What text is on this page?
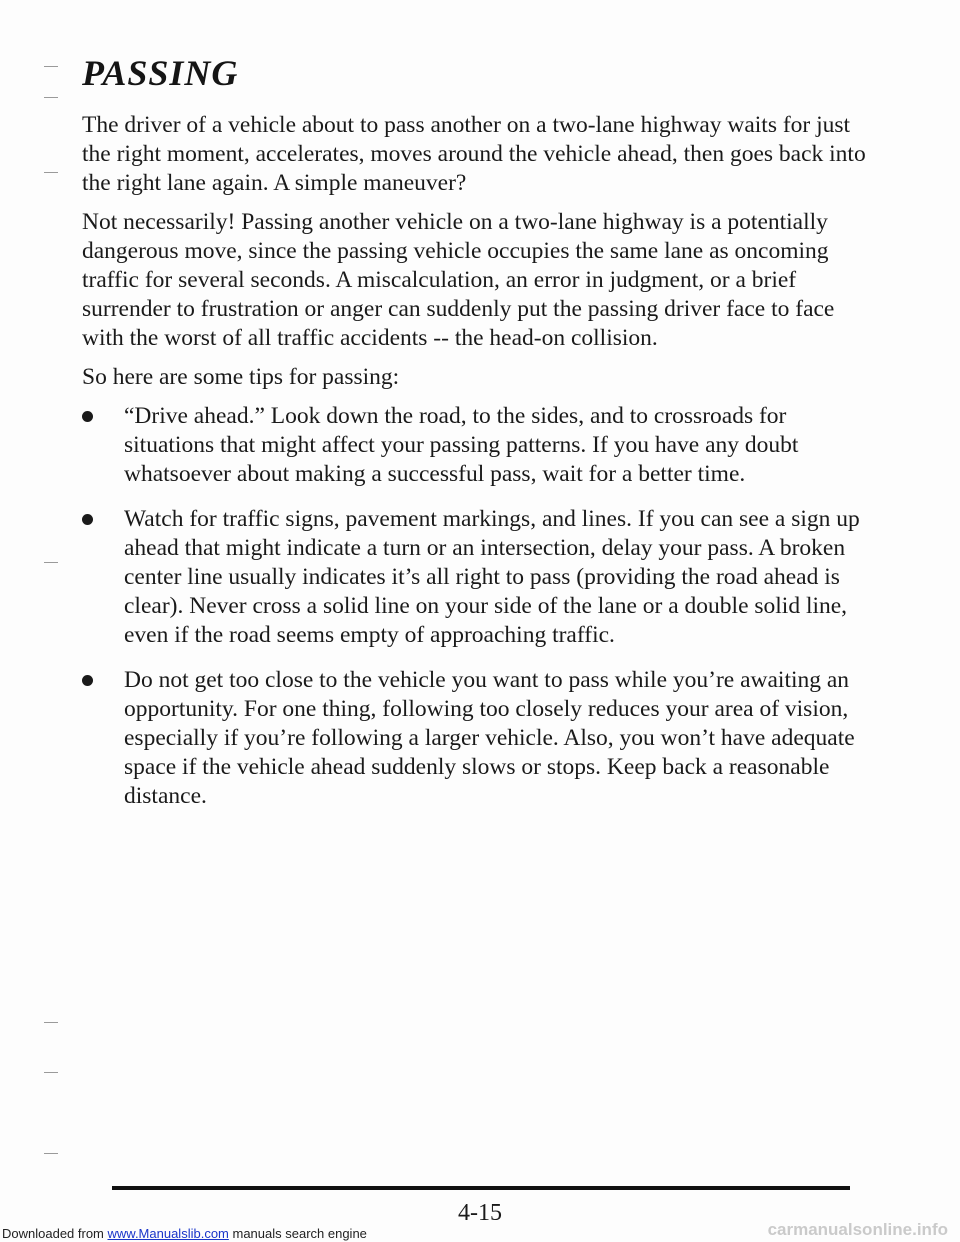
PASSING

The driver of a vehicle about to pass another on a two-lane highway waits for just the right moment, accelerates, moves around the vehicle ahead, then goes back into the right lane again. A simple maneuver?

Not necessarily! Passing another vehicle on a two-lane highway is a potentially dangerous move, since the passing vehicle occupies the same lane as oncoming traffic for several seconds. A miscalculation, an error in judgment, or a brief surrender to frustration or anger can suddenly put the passing driver face to face with the worst of all traffic accidents -- the head-on collision.

So here are some tips for passing:

“Drive ahead.” Look down the road, to the sides, and to crossroads for situations that might affect your passing patterns. If you have any doubt whatsoever about making a successful pass, wait for a better time.
Watch for traffic signs, pavement markings, and lines. If you can see a sign up ahead that might indicate a turn or an intersection, delay your pass. A broken center line usually indicates it’s all right to pass (providing the road ahead is clear). Never cross a solid line on your side of the lane or a double solid line, even if the road seems empty of approaching traffic.
Do not get too close to the vehicle you want to pass while you’re awaiting an opportunity. For one thing, following too closely reduces your area of vision, especially if you’re following a larger vehicle. Also, you won’t have adequate space if the vehicle ahead suddenly slows or stops. Keep back a reasonable distance.
4-15
Downloaded from www.Manualslib.com manuals search engine	carmanualsonline.info
